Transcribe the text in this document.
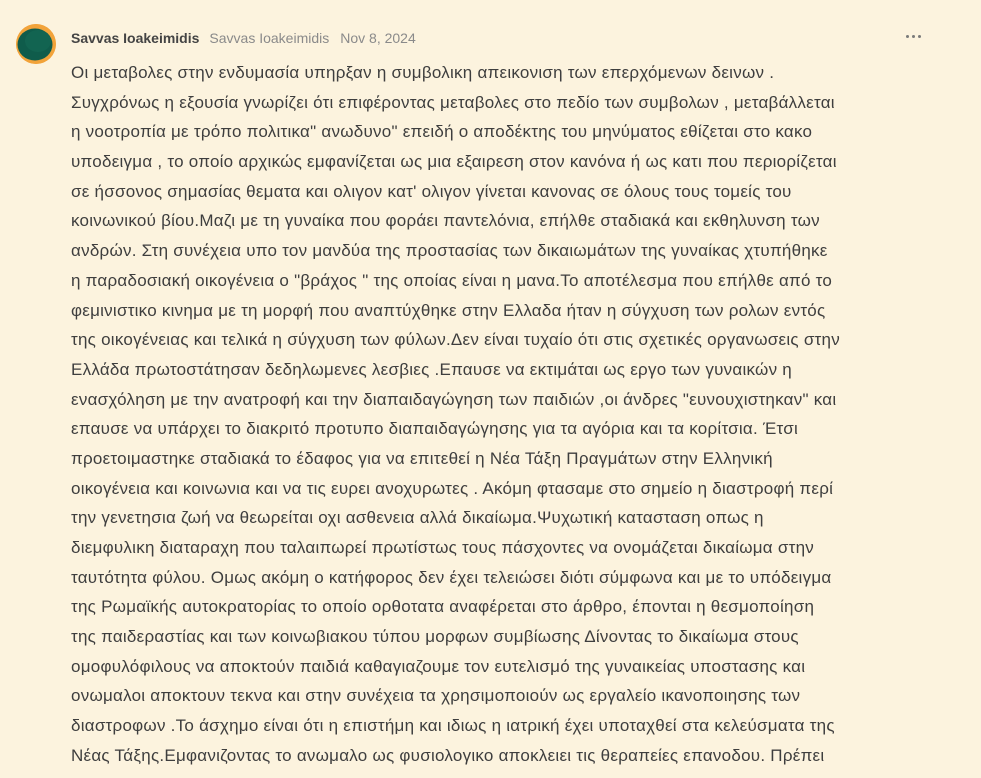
Savvas Ioakeimidis Savvas Ioakeimidis Nov 8, 2024
Οι μεταβολες στην ενδυμασία υπηρξαν η συμβολικη απεικονιση των επερχόμενων δεινων .
Συγχρόνως η εξουσία γνωρίζει ότι επιφέροντας μεταβολες στο πεδίο των συμβολων , μεταβάλλεται
η νοοτροπία με τρόπο πολιτικα" ανωδυνο" επειδή ο αποδέκτης του μηνύματος εθίζεται στο κακο
υποδειγμα , το οποίο αρχικώς εμφανίζεται ως μια εξαιρεση στον κανόνα ή ως κατι που περιορίζεται
σε ήσσονος σημασίας θεματα και ολιγον κατ' ολιγον γίνεται κανονας σε όλους τους τομείς του
κοινωνικού βίου.Μαζι με τη γυναίκα που φοράει παντελόνια, επήλθε σταδιακά και εκθηλυνση των
ανδρών. Στη συνέχεια υπο τον μανδύα της προστασίας των δικαιωμάτων της γυναίκας χτυπήθηκε
η παραδοσιακή οικογένεια ο "βράχος " της οποίας είναι η μανα.Το αποτέλεσμα που επήλθε από το
φεμινιστικο κινημα με τη μορφή που αναπτύχθηκε στην Ελλαδα ήταν η σύγχυση των ρολων εντός
της οικογένειας και τελικά η σύγχυση των φύλων.Δεν είναι τυχαίο ότι στις σχετικές οργανωσεις στην
Ελλάδα πρωτοστάτησαν δεδηλωμενες λεσβιες .Επαυσε να εκτιμάται ως εργο των γυναικών η
ενασχόληση με την ανατροφή και την διαπαιδαγώγηση των παιδιών ,οι άνδρες "ευνουχιστηκαν" και
επαυσε να υπάρχει το διακριτό προτυπο διαπαιδαγώγησης για τα αγόρια και τα κορίτσια. Έτσι
προετοιμαστηκε σταδιακά το έδαφος για να επιτεθεί η Νέα Τάξη Πραγμάτων στην Ελληνική
οικογένεια και κοινωνια και να τις ευρει ανοχυρωτες . Ακόμη φτασαμε στο σημείο η διαστροφή περί
την γενετησια ζωή να θεωρείται οχι ασθενεια αλλά δικαίωμα.Ψυχωτική κατασταση οπως η
διεμφυλικη διαταραχη που ταλαιπωρεί πρωτίστως τους πάσχοντες να ονομάζεται δικαίωμα στην
ταυτότητα φύλου. Ομως ακόμη ο κατήφορος δεν έχει τελειώσει διότι σύμφωνα και με το υπόδειγμα
της Ρωμαϊκής αυτοκρατορίας το οποίο ορθοτατα αναφέρεται στο άρθρο, έπονται η θεσμοποίηση
της παιδεραστίας και των κοινωβιακου τύπου μορφων συμβίωσης Δίνοντας το δικαίωμα στους
ομοφυλόφιλους να αποκτούν παιδιά καθαγιαζουμε τον ευτελισμό της γυναικείας υποστασης και
ονωμαλοι αποκτουν τεκνα και στην συνέχεια τα χρησιμοποιούν ως εργαλείο ικανοποιησης των
διαστροφων .Το άσχημο είναι ότι η επιστήμη και ιδιως η ιατρική έχει υποταχθεί στα κελεύσματα της
Νέας Τάξης.Εμφανιζοντας το ανωμαλο ως φυσιολογικο αποκλειει τις θεραπείες επανοδου. Πρέπει
